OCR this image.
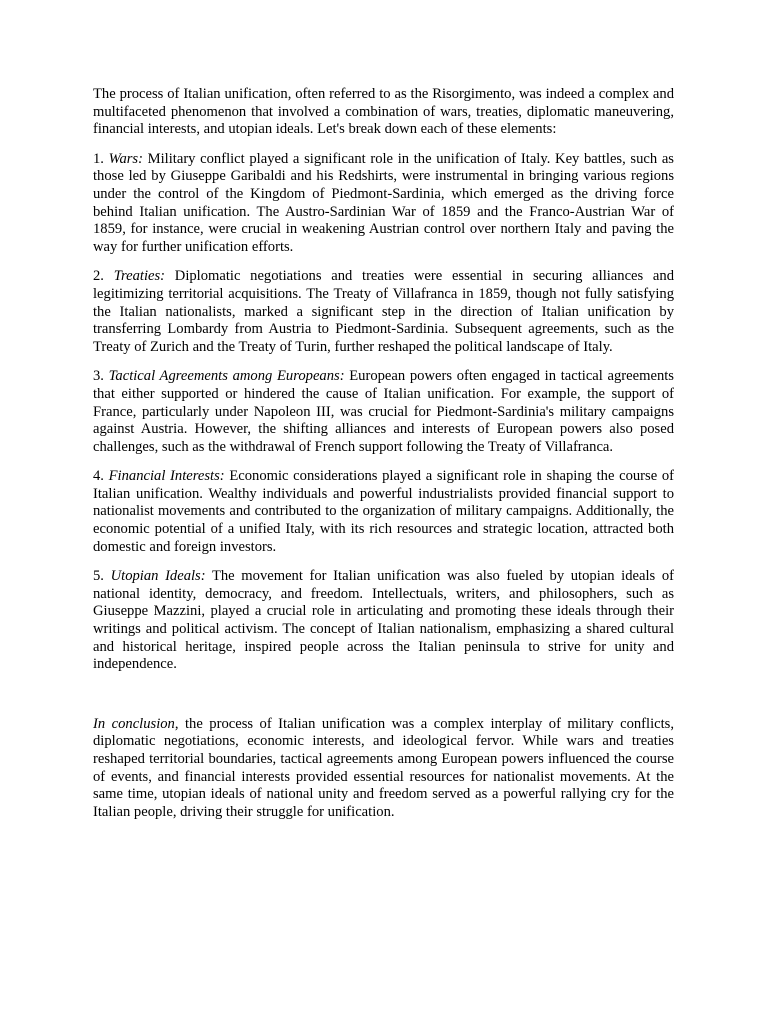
The process of Italian unification, often referred to as the Risorgimento, was indeed a complex and multifaceted phenomenon that involved a combination of wars, treaties, diplomatic maneuvering, financial interests, and utopian ideals. Let's break down each of these elements:

1. Wars: Military conflict played a significant role in the unification of Italy. Key battles, such as those led by Giuseppe Garibaldi and his Redshirts, were instrumental in bringing various regions under the control of the Kingdom of Piedmont-Sardinia, which emerged as the driving force behind Italian unification. The Austro-Sardinian War of 1859 and the Franco-Austrian War of 1859, for instance, were crucial in weakening Austrian control over northern Italy and paving the way for further unification efforts.

2. Treaties: Diplomatic negotiations and treaties were essential in securing alliances and legitimizing territorial acquisitions. The Treaty of Villafranca in 1859, though not fully satisfying the Italian nationalists, marked a significant step in the direction of Italian unification by transferring Lombardy from Austria to Piedmont-Sardinia. Subsequent agreements, such as the Treaty of Zurich and the Treaty of Turin, further reshaped the political landscape of Italy.

3. Tactical Agreements among Europeans: European powers often engaged in tactical agreements that either supported or hindered the cause of Italian unification. For example, the support of France, particularly under Napoleon III, was crucial for Piedmont-Sardinia's military campaigns against Austria. However, the shifting alliances and interests of European powers also posed challenges, such as the withdrawal of French support following the Treaty of Villafranca.

4. Financial Interests: Economic considerations played a significant role in shaping the course of Italian unification. Wealthy individuals and powerful industrialists provided financial support to nationalist movements and contributed to the organization of military campaigns. Additionally, the economic potential of a unified Italy, with its rich resources and strategic location, attracted both domestic and foreign investors.

5. Utopian Ideals: The movement for Italian unification was also fueled by utopian ideals of national identity, democracy, and freedom. Intellectuals, writers, and philosophers, such as Giuseppe Mazzini, played a crucial role in articulating and promoting these ideals through their writings and political activism. The concept of Italian nationalism, emphasizing a shared cultural and historical heritage, inspired people across the Italian peninsula to strive for unity and independence.

In conclusion, the process of Italian unification was a complex interplay of military conflicts, diplomatic negotiations, economic interests, and ideological fervor. While wars and treaties reshaped territorial boundaries, tactical agreements among European powers influenced the course of events, and financial interests provided essential resources for nationalist movements. At the same time, utopian ideals of national unity and freedom served as a powerful rallying cry for the Italian people, driving their struggle for unification.
